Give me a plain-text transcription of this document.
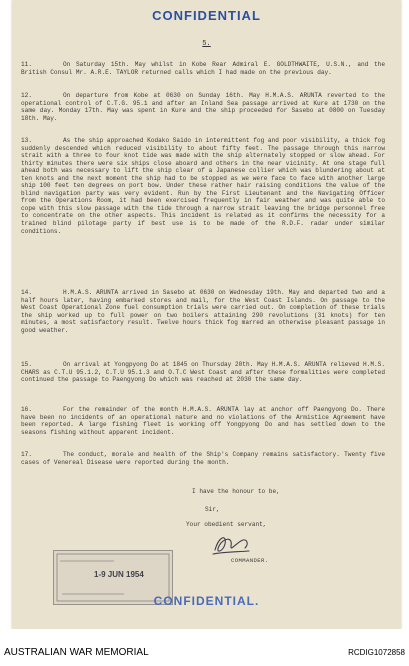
CONFIDENTIAL
5.
11.	On Saturday 15th. May whilst in Kobe Rear Admiral E. GOLDTHWAITE, U.S.N., and the British Consul Mr. A.R.E. TAYLOR returned calls which I had made on the previous day.
12.	On departure from Kobe at 0630 on Sunday 16th. May H.M.A.S. ARUNTA reverted to the operational control of C.T.G. 95.1 and after an Inland Sea passage arrived at Kure at 1730 on the same day. Monday 17th. May was spent in Kure and the ship proceeded for Sasebo at 0800 on Tuesday 18th. May.
13.	As the ship approached Kodako Saido in intermittent fog and poor visibility, a thick fog suddenly descended which reduced visibility to about fifty feet. The passage through this narrow strait with a three to four knot tide was made with the ship alternately stopped or slow ahead. For thirty minutes there were six ships close aboard and others in the near vicinity. At one stage full ahead both was necessary to lift the ship clear of a Japanese collier which was blundering about at ten knots and the next moment the ship had to be stopped as we were face to face with another large ship 100 feet ten degrees on port bow. Under these rather hair raising conditions the value of the blind navigation party was very evident. Run by the First Lieutenant and the Navigating Officer from the Operations Room, it had been exercised frequently in fair weather and was quite able to cope with this slow passage with the tide through a narrow strait leaving the bridge personnel free to concentrate on the other aspects. This incident is related as it confirms the necessity for a trained blind pilotage party if best use is to be made of the R.D.F. radar under similar conditions.
14.	H.M.A.S. ARUNTA arrived in Sasebo at 0630 on Wednesday 19th. May and departed two and a half hours later, having embarked stores and mail, for the West Coast Islands. On passage to the West Coast Operational Zone fuel consumption trials were carried out. On completion of these trials the ship worked up to full power on two boilers attaining 290 revolutions (31 knots) for ten minutes, a most satisfactory result. Twelve hours thick fog marred an otherwise pleasant passage in good weather.
15.	On arrival at Yongpyong Do at 1845 on Thursday 20th. May H.M.A.S. ARUNTA relieved H.M.S. CHARS as C.T.U 95.1.2, C.T.U 95.1.3 and O.T.C West Coast and after these formalities were completed continued the passage to Paengyong Do which was reached at 2030 the same day.
16.	For the remainder of the month H.M.A.S. ARUNTA lay at anchor off Paengyong Do. There have been no incidents of an operational nature and no violations of the Armistice Agreement have been reported. A large fishing fleet is working off Yongpyong Do and has settled down to the seasons fishing without apparent incident.
17.	The conduct, morale and health of the Ship's Company remains satisfactory. Twenty five cases of Venereal Disease were reported during the month.
I have the honour to be,
Sir,
Your obedient servant,
COMMANDER.
1-9 JUN 1954
CONFIDENTIAL.
AUSTRALIAN WAR MEMORIAL	RCDIG1072858
